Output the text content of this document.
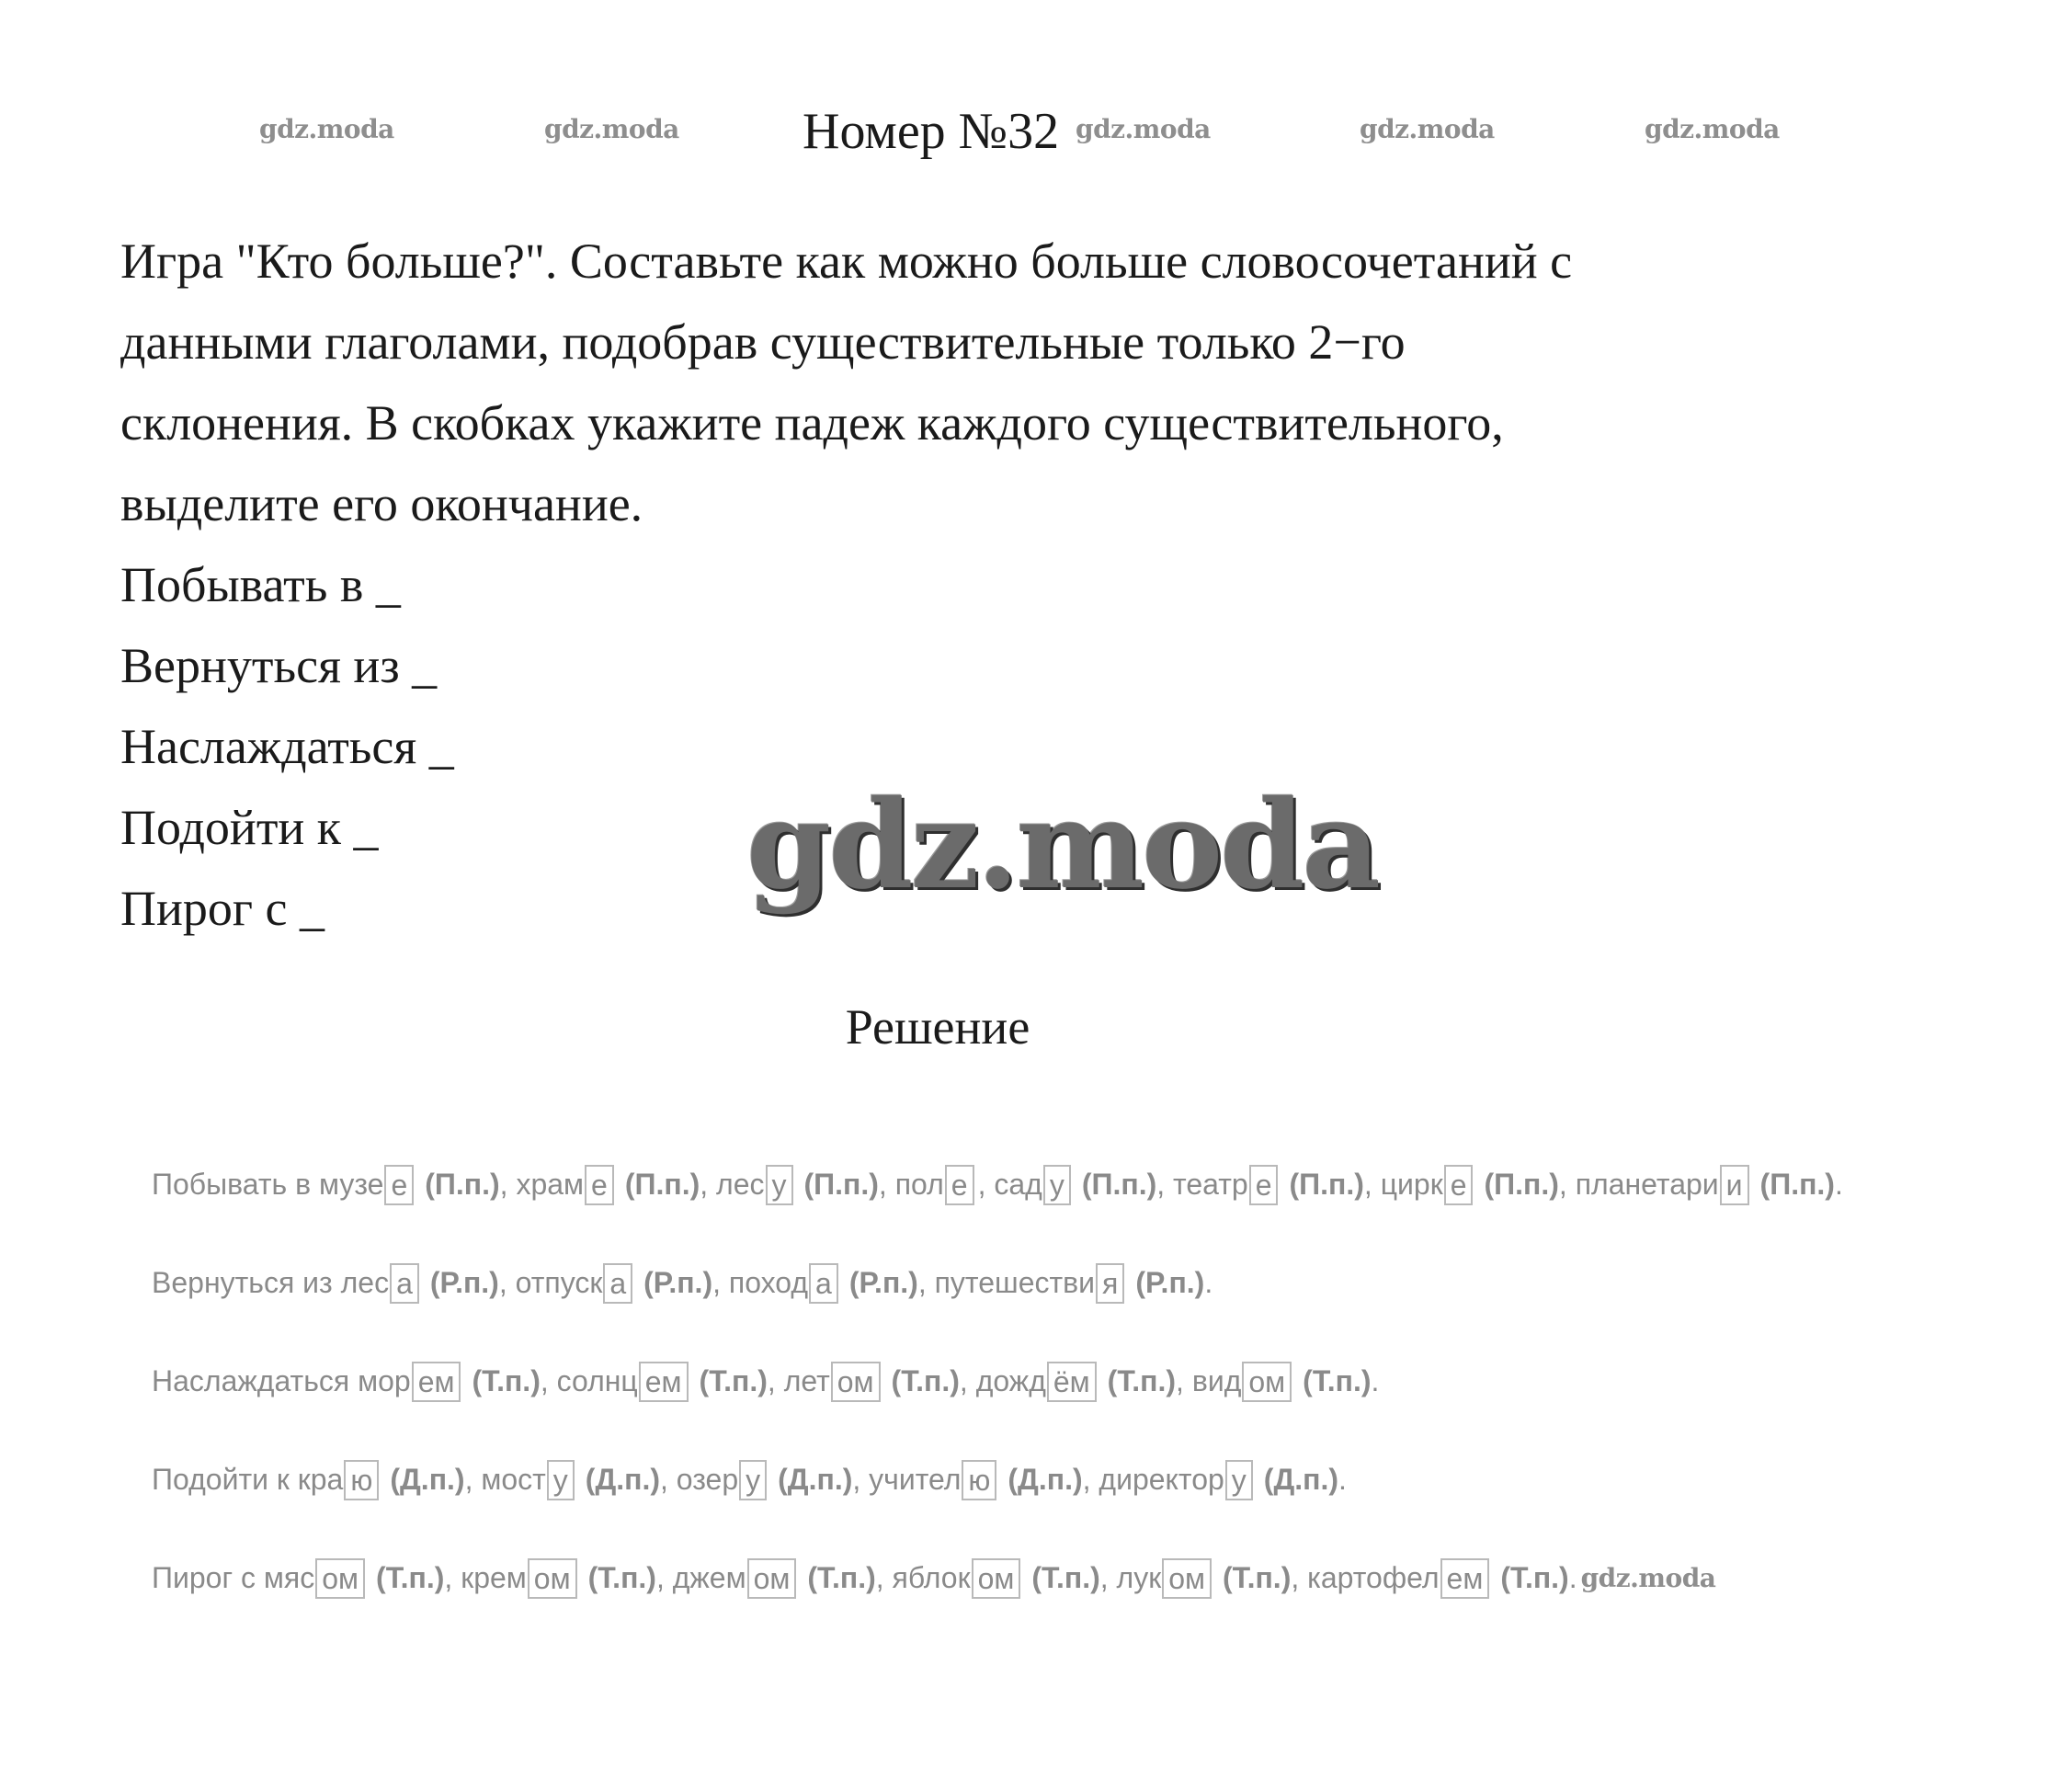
gdz.moda	gdz.moda	gdz.moda	gdz.moda	gdz.moda
Номер №32

Игра "Кто больше?". Составьте как можно больше словосочетаний с

данными глаголами, подобрав существительные только 2−го

склонения. В скобках укажите падеж каждого существительного,

выделите его окончание.

Побывать в _

Вернуться из _

Наслаждаться _

Подойти к _

Пирог с _	gdz.moda
Решение
Побывать в музе е (П.п.) , храм е (П.п.) , лес у (П.п.) , пол е , сад у (П.п.) , театр е (П.п.) , цирк е (П.п.) , планетари и (П.п.) .
Вернуться из лес а (Р.п.) , отпуск а (Р.п.) , поход а (Р.п.) , путешестви я (Р.п.) .
Наслаждаться мор ем (Т.п.) , солнц ем (Т.п.) , лет ом (Т.п.) , дожд ём (Т.п.) , вид ом (Т.п.) .
Подойти к кра ю (Д.п.) , мост у (Д.п.) , озер у (Д.п.) , учител ю (Д.п.) , директор у (Д.п.) .
Пирог с мяс ом (Т.п.) , крем ом (Т.п.) , джем ом (Т.п.) , яблок ом (Т.п.) , лук ом (Т.п.) , картофел ем (Т.п.) . gdz.moda
